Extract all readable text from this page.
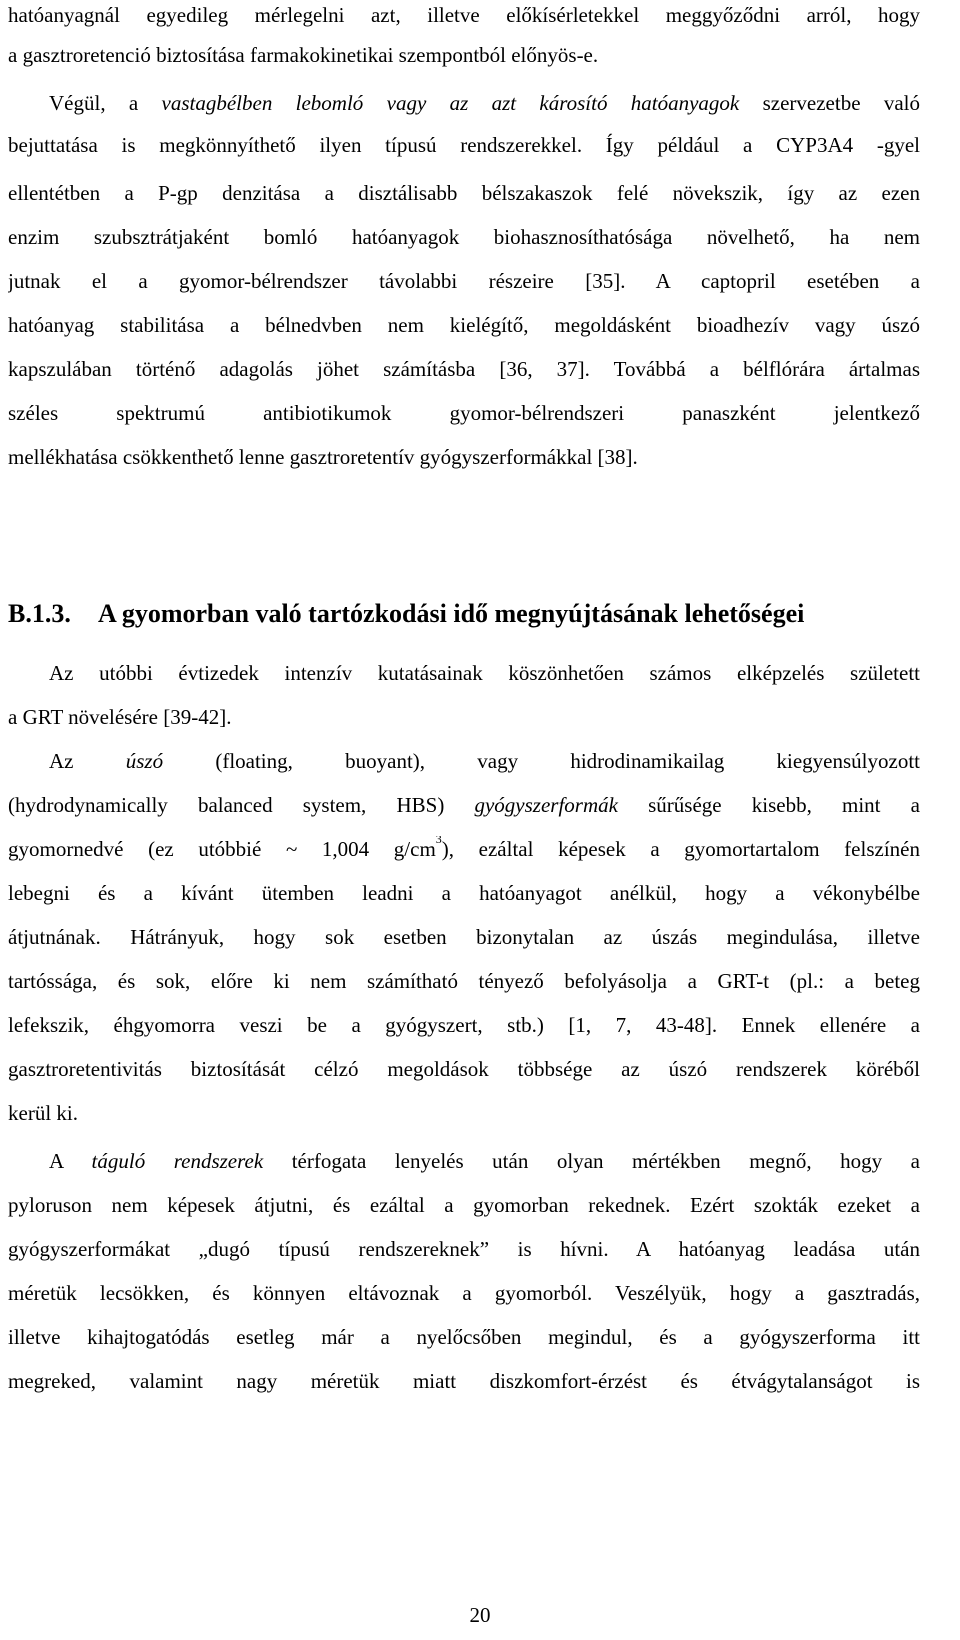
hatóanyagnál egyedileg mérlegelni azt, illetve előkísérletekkel meggyőződni arról, hogy
a gasztroretenció biztosítása farmakokinetikai szempontból előnyös-e.
Végül, a vastagbélben lebomló vagy az azt károsító hatóanyagok szervezetbe való
bejuttatása is megkönnyíthető ilyen típusú rendszerekkel. Így például a CYP3A4 -gyel
ellentétben a P-gp denzitása a disztálisabb bélszakaszok felé növekszik, így az ezen
enzim szubsztrátjaként bomló hatóanyagok biohasznosíthatósága növelhető, ha nem
jutnak el a gyomor-bélrendszer távolabbi részeire [35]. A captopril esetében a
hatóanyag stabilitása a bélnedvben nem kielégítő, megoldásként bioadhezív vagy úszó
kapszulában történő adagolás jöhet számításba [36, 37]. Továbbá a bélflórára ártalmas
széles spektrumú antibiotikumok gyomor-bélrendszeri panaszként jelentkező
mellékhatása csökkenthető lenne gasztroretentív gyógyszerformákkal [38].
B.1.3. A gyomorban való tartózkodási idő megnyújtásának lehetőségei
Az utóbbi évtizedek intenzív kutatásainak köszönhetően számos elképzelés született
a GRT növelésére [39-42].
Az úszó (floating, buoyant), vagy hidrodinamikailag kiegyensúlyozott
(hydrodynamically balanced system, HBS) gyógyszerformák sűrűsége kisebb, mint a
gyomornedvé (ez utóbbié ~ 1,004 $g/cm^3$), ezáltal képesek a gyomortartalom felszínén
lebegni és a kívánt ütemben leadni a hatóanyagot anélkül, hogy a vékonybélbe
átjutnának. Hátrányuk, hogy sok esetben bizonytalan az úszás megindulása, illetve
tartóssága, és sok, előre ki nem számítható tényező befolyásolja a GRT-t (pl.: a beteg
lefekszik, éhgyomorra veszi be a gyógyszert, stb.) [1, 7, 43-48]. Ennek ellenére a
gasztroretentivitás biztosítását célzó megoldások többsége az úszó rendszerek köréből
kerül ki.
A táguló rendszerek térfogata lenyelés után olyan mértékben megnő, hogy a
pyloruson nem képesek átjutni, és ezáltal a gyomorban rekednek. Ezért szokták ezeket a
gyógyszerformákat „dugó típusú rendszereknek” is hívni. A hatóanyag leadása után
méretük lecsökken, és könnyen eltávoznak a gyomorból. Veszélyük, hogy a gasztradás,
illetve kihajtogatódás esetleg már a nyelőcsőben megindul, és a gyógyszerforma itt
megreked, valamint nagy méretük miatt diszkomfort-érzést és étvágytalanságot is
20
